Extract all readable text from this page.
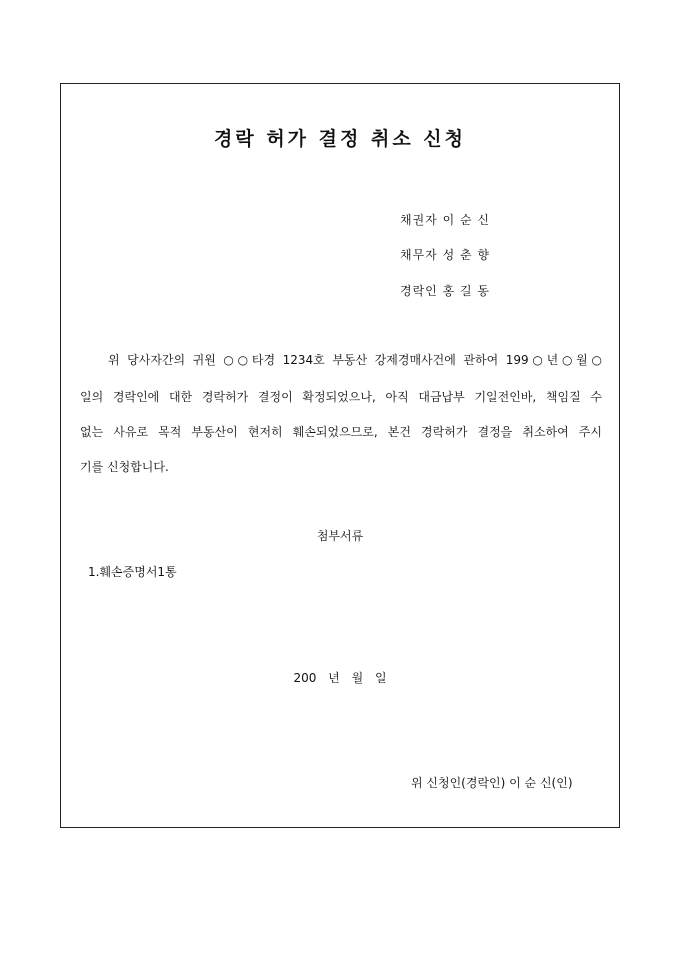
경락 허가 결정 취소 신청
채권자 이 순 신
채무자 성 춘 향
경락인 홍 길 동
위 당사자간의 귀원 ○○타경 1234호 부동산 강제경매사건에 관하여 199○년○월○
일의 경락인에 대한 경락허가 결정이 확정되었으나, 아직 대금납부 기일전인바, 책임질 수
없는 사유로 목적 부동산이 현저히 훼손되었으므로, 본건 경락허가 결정을 취소하여 주시
기를 신청합니다.
첨부서류
1.훼손증명서1통
200 년 월 일
위 신청인(경락인) 이 순 신(인)
